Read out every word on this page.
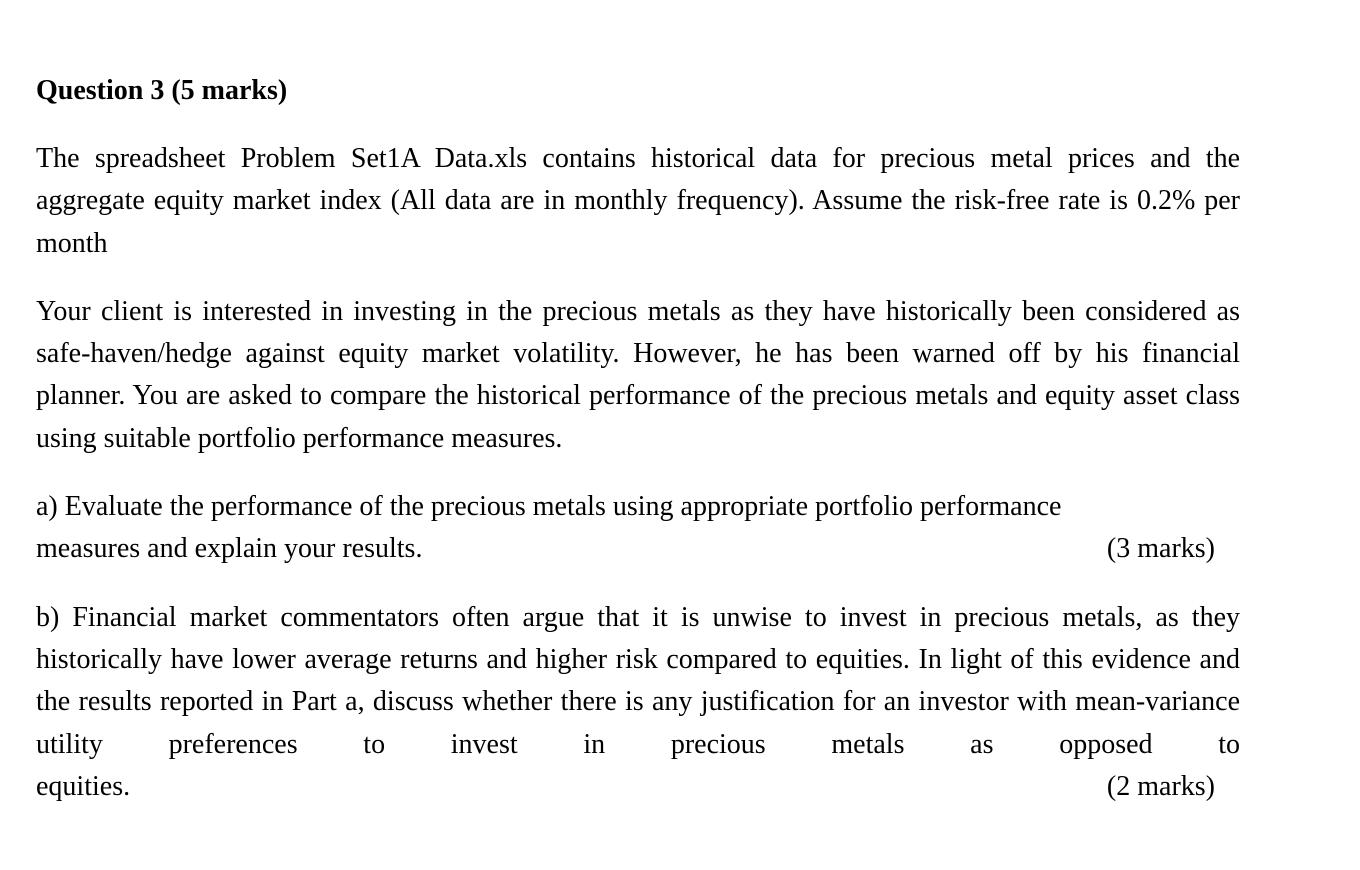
Question 3 (5 marks)
The spreadsheet Problem Set1A Data.xls contains historical data for precious metal prices and the aggregate equity market index (All data are in monthly frequency). Assume the risk-free rate is 0.2% per month
Your client is interested in investing in the precious metals as they have historically been considered as safe-haven/hedge against equity market volatility. However, he has been warned off by his financial planner. You are asked to compare the historical performance of the precious metals and equity asset class using suitable portfolio performance measures.
a) Evaluate the performance of the precious metals using appropriate portfolio performance
measures and explain your results.	(3 marks)
b) Financial market commentators often argue that it is unwise to invest in precious metals, as they historically have lower average returns and higher risk compared to equities. In light of this evidence and the results reported in Part a, discuss whether there is any justification for an investor with mean-variance utility preferences to invest in precious metals as opposed to
equities.	(2 marks)
